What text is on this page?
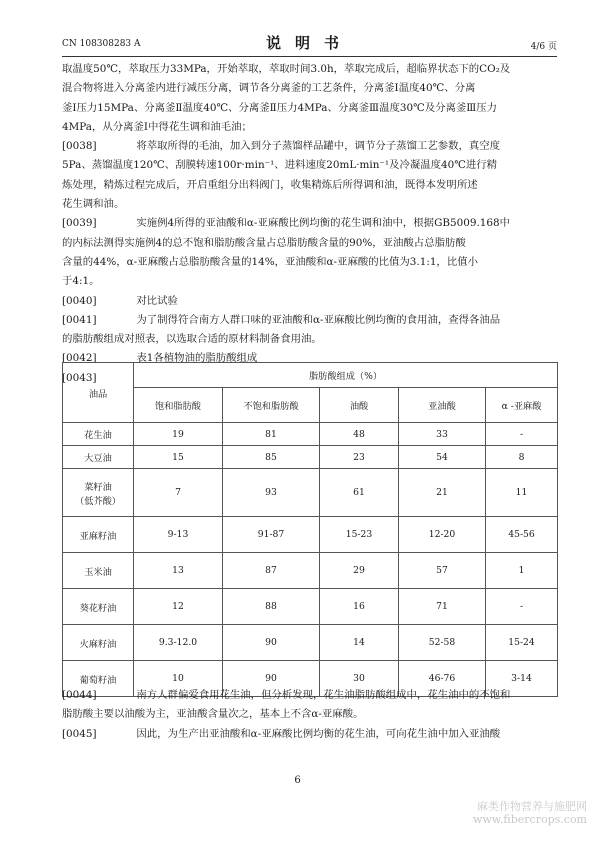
CN 108308283 A	说明书	4/6 页

取温度50℃，萃取压力33MPa，开始萃取，萃取时间3.0h，萃取完成后，超临界状态下的CO₂及

混合物将进入分离釜内进行减压分离，调节各分离釜的工艺条件，分离釜Ⅰ温度40℃、分离

釜Ⅰ压力15MPa、分离釜Ⅱ温度40℃、分离釜Ⅱ压力4MPa、分离釜Ⅲ温度30℃及分离釜Ⅲ压力

4MPa，从分离釜Ⅰ中得花生调和油毛油；

[0038]	将萃取所得的毛油，加入到分子蒸馏样品罐中，调节分子蒸馏工艺参数，真空度

5Pa、蒸馏温度120℃、刮膜转速100r·min⁻¹、进料速度20mL·min⁻¹及冷凝温度40℃进行精

炼处理，精炼过程完成后，开启重组分出料阀门，收集精炼后所得调和油，既得本发明所述

花生调和油。

[0039]	实施例4所得的亚油酸和α-亚麻酸比例均衡的花生调和油中，根据GB5009.168中

的内标法测得实施例4的总不饱和脂肪酸含量占总脂肪酸含量的90%，亚油酸占总脂肪酸

含量的44%，α-亚麻酸占总脂肪酸含量的14%，亚油酸和α-亚麻酸的比值为3.1:1，比值小

于4:1。

[0040]	对比试验
[0041]	为了制得符合南方人群口味的亚油酸和α-亚麻酸比例均衡的食用油，查得各油品

的脂肪酸组成对照表，以选取合适的原材料制备食用油。

[0042]	表1各植物油的脂肪酸组成
[0043]
油品	脂肪酸组成（%）				
	饱和脂肪酸	不饱和脂肪酸	油酸	亚油酸	α -亚麻酸
花生油	19	81	48	33	-
大豆油	15	85	23	54	8

菜籽油
（低芥酸）	7	93	61	21	11
亚麻籽油	9-13	91-87	15-23	12-20	45-56
玉米油	13	87	29	57	1
葵花籽油	12	88	16	71	-
火麻籽油	9.3-12.0	90	14	52-58	15-24
葡萄籽油	10	90	30	46-76	3-14
[0044]	南方人群偏爱食用花生油，但分析发现，花生油脂肪酸组成中，花生油中的不饱和

脂肪酸主要以油酸为主，亚油酸含量次之，基本上不含α-亚麻酸。

[0045]	因此，为生产出亚油酸和α-亚麻酸比例均衡的花生油，可向花生油中加入亚油酸
6
麻类作物营养与施肥网
www.fibercrops.com
